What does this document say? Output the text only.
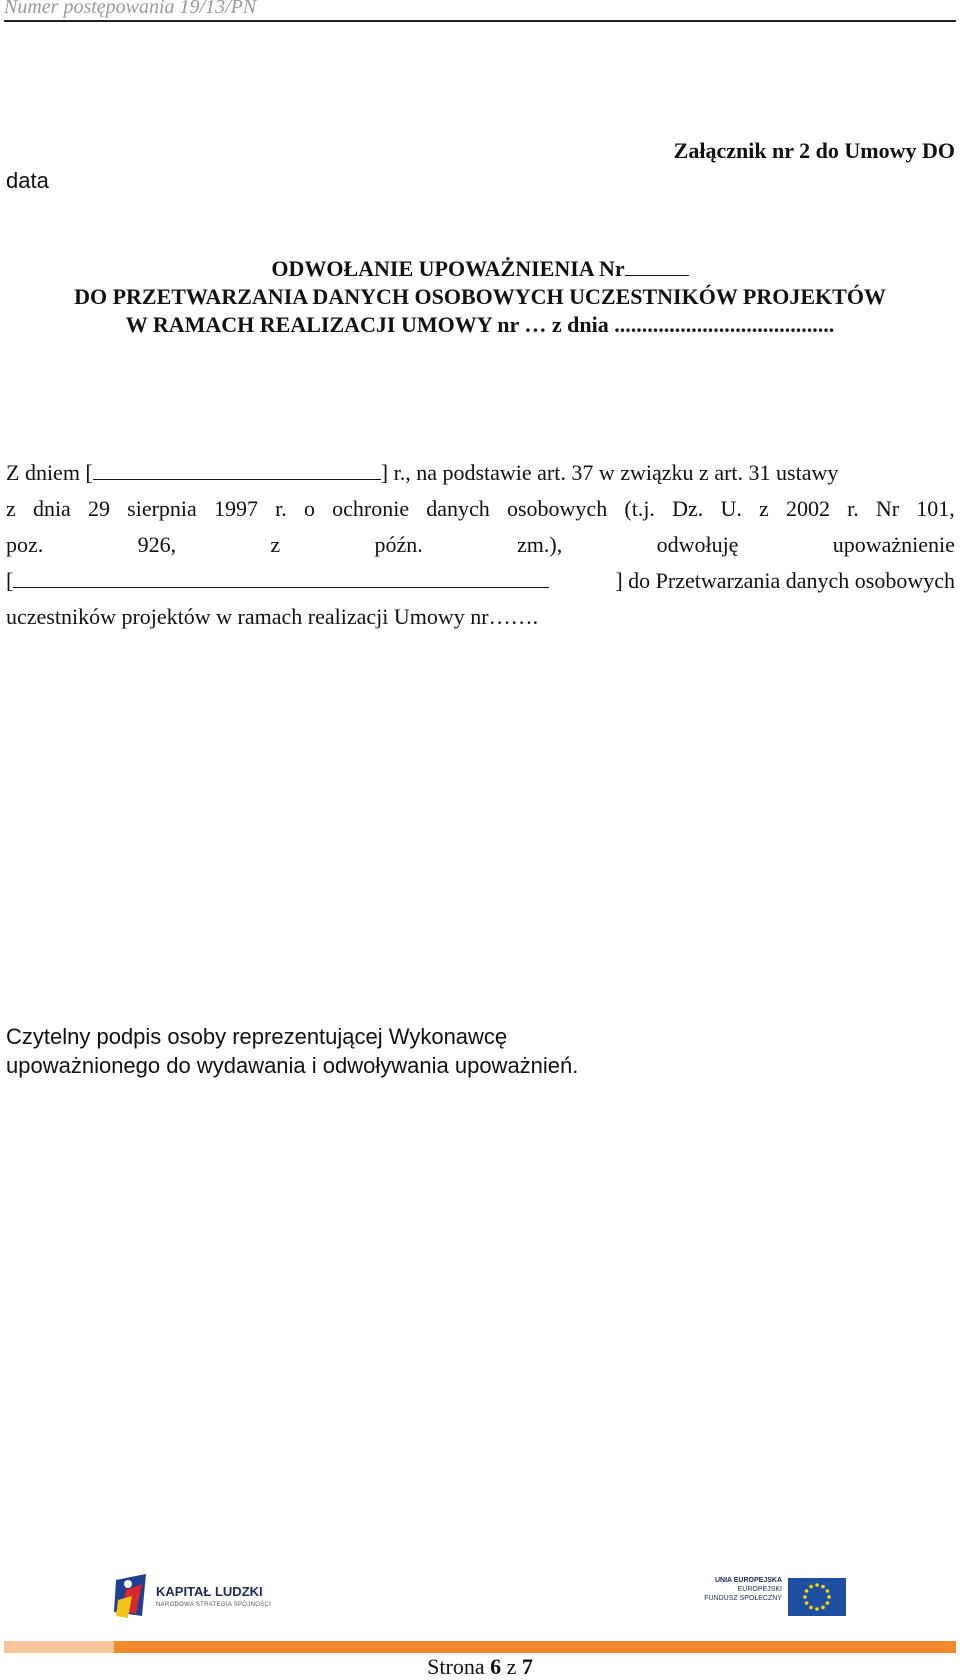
Numer postępowania 19/13/PN
data
Załącznik nr 2 do Umowy DO
ODWOŁANIE UPOWAŻNIENIA Nr
DO PRZETWARZANIA DANYCH OSOBOWYCH UCZESTNIKÓW PROJEKTÓW
W RAMACH REALIZACJI UMOWY nr … z dnia ........................................
Z dniem [	] r., na podstawie art. 37 w związku z art. 31 ustawy
z dnia 29 sierpnia 1997 r. o ochronie danych osobowych (t.j. Dz. U. z 2002 r. Nr 101,
poz.	926,	z	późn.	zm.),	odwołuję	upoważnienie
[	] do Przetwarzania danych osobowych
uczestników projektów w ramach realizacji Umowy nr…….
Czytelny podpis osoby reprezentującej Wykonawcę
upoważnionego do wydawania i odwoływania upoważnień.
KAPITAŁ LUDZKI
NARODOWA STRATEGIA SPÓJNOŚCI
UNIA EUROPEJSKA
EUROPEJSKI
FUNDUSZ SPOŁECZNY
Strona 6 z 7
